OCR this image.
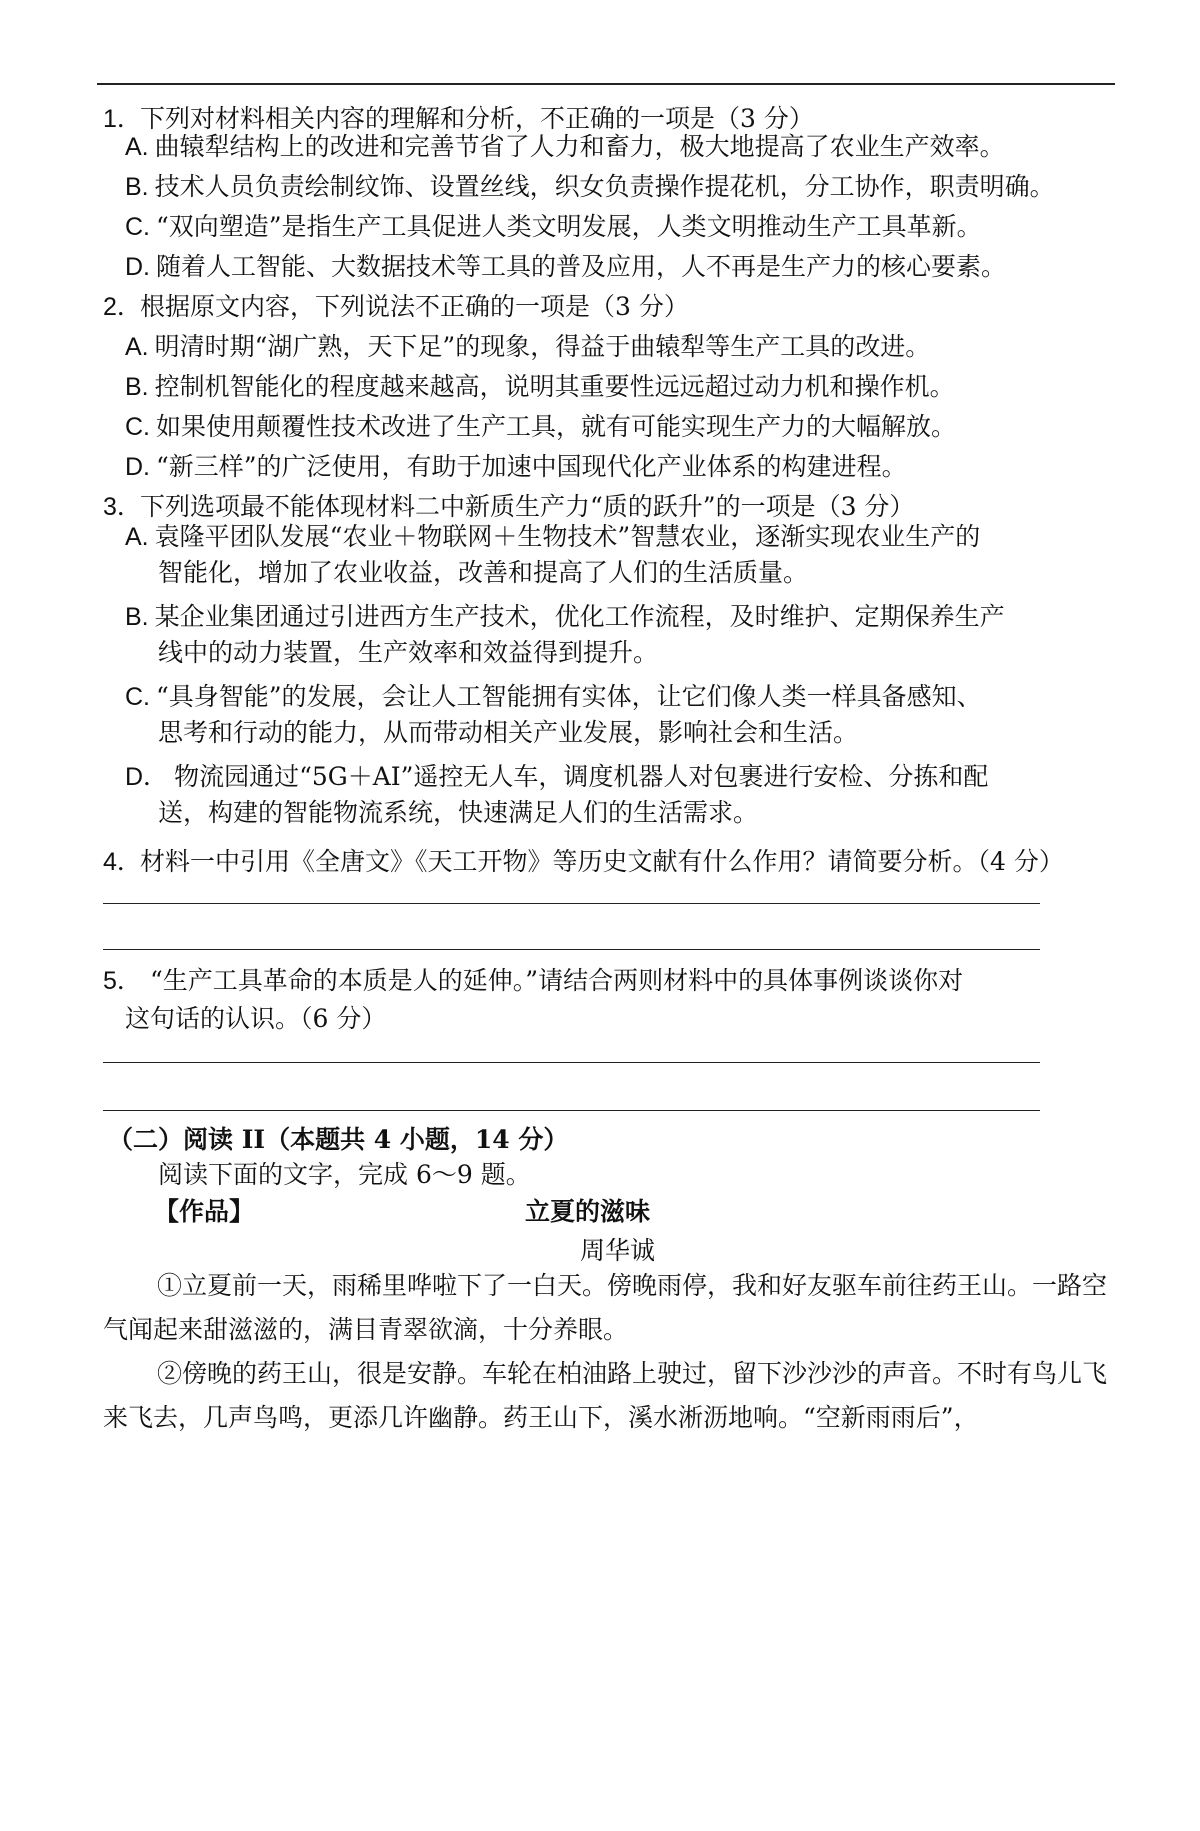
1．
下列对材料相关内容的理解和分析，不正确的一项是（3 分）
A. 曲辕犁结构上的改进和完善节省了人力和畜力，极大地提高了农业生产效率。
B. 技术人员负责绘制纹饰、设置丝线，织女负责操作提花机，分工协作，职责明确。
C. “双向塑造”是指生产工具促进人类文明发展，人类文明推动生产工具革新。
D. 随着人工智能、大数据技术等工具的普及应用，人不再是生产力的核心要素。
2．
根据原文内容，下列说法不正确的一项是（3 分）
A. 明清时期“湖广熟，天下足”的现象，得益于曲辕犁等生产工具的改进。
B. 控制机智能化的程度越来越高，说明其重要性远远超过动力机和操作机。
C. 如果使用颠覆性技术改进了生产工具，就有可能实现生产力的大幅解放。
D. “新三样”的广泛使用，有助于加速中国现代化产业体系的构建进程。
3．
下列选项最不能体现材料二中新质生产力“质的跃升”的一项是（3 分）
A. 袁隆平团队发展“农业＋物联网＋生物技术”智慧农业，逐渐实现农业生产的
智能化，增加了农业收益，改善和提高了人们的生活质量。
B. 某企业集团通过引进西方生产技术，优化工作流程，及时维护、定期保养生产
线中的动力装置，生产效率和效益得到提升。
C. “具身智能”的发展，会让人工智能拥有实体，让它们像人类一样具备感知、
思考和行动的能力，从而带动相关产业发展，影响社会和生活。
D． 物流园通过“5G＋AI”遥控无人车，调度机器人对包裹进行安检、分拣和配
送，构建的智能物流系统，快速满足人们的生活需求。
4．
材料一中引用《全唐文》《天工开物》等历史文献有什么作用？请简要分析。（4 分）
5． “生产工具革命的本质是人的延伸。”请结合两则材料中的具体事例谈谈你对
这句话的认识。（6 分）
（二）阅读 II（本题共 4 小题，14 分）
阅读下面的文字，完成 6～9 题。
【作品】	立夏的滋味
周华诚
①立夏前一天，雨稀里哗啦下了一白天。傍晚雨停，我和好友驱车前往药王山。一路空气闻起来甜滋滋的，满目青翠欲滴，十分养眼。
②傍晚的药王山，很是安静。车轮在柏油路上驶过，留下沙沙沙的声音。不时有鸟儿飞来飞去，几声鸟鸣，更添几许幽静。药王山下，溪水淅沥地响。“空新雨雨后”，
